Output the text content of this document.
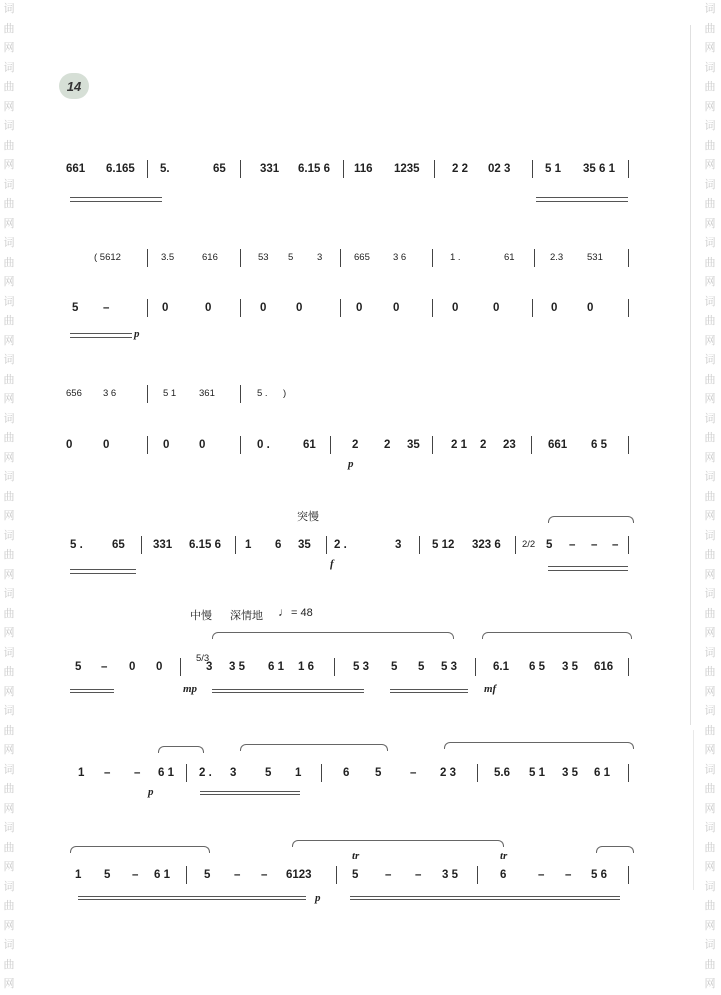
词
曲
网
词
曲
网
词
曲
网
词
曲
网
词
曲
网
词
曲
网
词
曲
网
词
曲
网
词
曲
网
词
曲
网
词
曲
网
词
曲
网
词
曲
网
词
曲
网
词
曲
网
词
曲
网
词
曲
网
词
曲
网
词
曲
网
词
曲
网
词
曲
网
词
曲
网
词
曲
网
词
曲
网
词
曲
网
词
曲
网
词
曲
网
词
曲
网
词
曲
网
词
曲
网
词
曲
网
词
曲
网
词
曲
网
词
曲
网
14
661 6.165 5.	65	331 6.15 6 116 1235	2 2 02 3	5 1 35 6 1
( 5612	3.5	616	53 5 3	665 3 6	1 .	61	2.3	531
5 –	0	0	0	0	0	0	0	0	0	0
p
656 3 6	5 1 361	5 . )
0	0	0	0	0 .	61	2 2 35	2 1 2 23	661 6 5
p
突慢
5 .	65 331 6.15 6 1 6 35 2 .	3	5 12 323 6 2/2 5 – – –
f
中慢 深情地 ♩ = 48
5 – 0 0
5/3
3 3 5 6 1 1 6	5 3 5 5 5 3	6.1 6 5 3 5 616
mp	mf
1 – – 6 1 2 . 3 5 1	6 5 – 2 3	5.6 5 1 3 5 6 1
p
1 5 – 6 1	5 – – 6123	5 – – 3 5	6	– – 5 6
tr	tr
p
